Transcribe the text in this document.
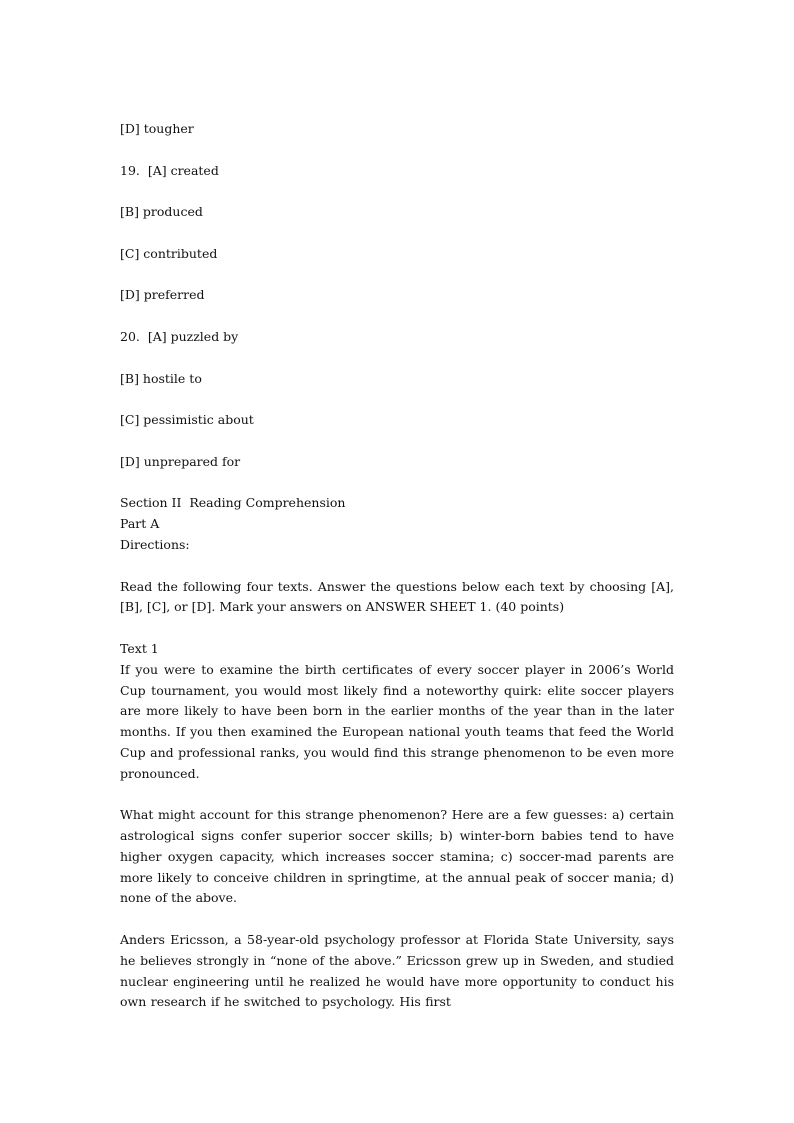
[D] tougher
19.  [A] created
[B] produced
[C] contributed
[D] preferred
20.  [A] puzzled by
[B] hostile to
[C] pessimistic about
[D] unprepared for
Section II  Reading Comprehension
Part A
Directions:

Read the following four texts. Answer the questions below each text by choosing [A], [B], [C], or [D]. Mark your answers on ANSWER SHEET 1. (40 points)

Text 1

If you were to examine the birth certificates of every soccer player in 2006’s World Cup tournament, you would most likely find a noteworthy quirk: elite soccer players are more likely to have been born in the earlier months of the year than in the later months. If you then examined the European national youth teams that feed the World Cup and professional ranks, you would find this strange phenomenon to be even more pronounced.

What might account for this strange phenomenon? Here are a few guesses: a) certain astrological signs confer superior soccer skills; b) winter-born babies tend to have higher oxygen capacity, which increases soccer stamina; c) soccer-mad parents are more likely to conceive children in springtime, at the annual peak of soccer mania; d) none of the above.

Anders Ericsson, a 58-year-old psychology professor at Florida State University, says he believes strongly in “none of the above.” Ericsson grew up in Sweden, and studied nuclear engineering until he realized he would have more opportunity to conduct his own research if he switched to psychology. His first
